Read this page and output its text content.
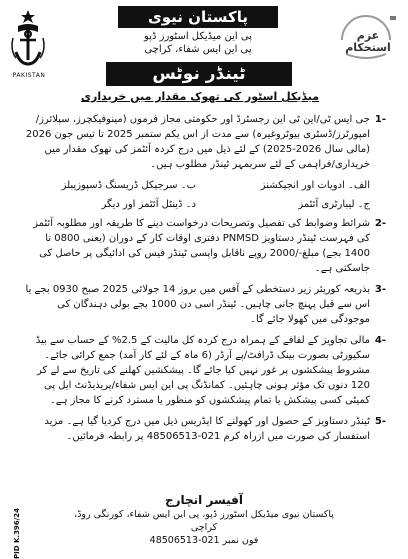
PAKISTAN
پاکستان نیوی
پی این میڈیکل اسٹورز ڈپو
پی این ایس شفاء، کراچی
عزم استحکام
ٹینڈر نوٹس
میڈیکل اسٹور کی تھوک مقدار میں خریداری
1-
جی ایس ٹی/این ٹی این رجسٹرڈ اور حکومتی مجاز فرموں (مینوفیکچرز، سپلائرز/امپورٹرز/ڈسٹری بیوٹروغیرہ) سے مدت از اس یکم ستمبر 2025 تا تیس جون 2026 (مالی سال 2026-2025) کے لئے ذیل میں درج کردہ آئٹمز کی تھوک مقدار میں خریداری/فراہمی کے لئے سربمہر ٹینڈر مطلوب ہیں۔
الف۔ ادویات اور انجیکشنز
ب۔ سرجیکل ڈریسنگ ڈسپوزیبلز
ج۔ لیبارٹری آئٹمز
د۔ ڈینٹل آئٹمز اور دیگر
2-
شرائط وضوابط کی تفصیل وتصریحات درخواست دینے کا طریقہ اور مطلوبہ آئٹمز کی فہرست ٹینڈر دستاویز PNMSD دفتری اوقات کار کے دوران (یعنی 0800 تا 1400 بجے) مبلغ-/2000 روپے ناقابل واپسی ٹینڈر فیس کی ادائیگی پر حاصل کی جاسکتی ہے۔
3-
بذریعہ کوریئر زیر دستخطی کے آفس میں بروز 14 جولائی 2025 صبح 0930 بجے یا اس سے قبل پہنچ جانی چاہیں۔ ٹینڈر اسی دن 1000 بجے بولی دہندگان کی موجودگی میں کھولا جائے گا۔
4-
مالی تجاویز کے لفافے کے ہمراہ درج کردہ کل مالیت کے 2.5% کے حساب سے بیڈ سکیورٹی بصورت بینک ڈرافٹ/پے آرڈر (6 ماہ کے لئے کار آمد) جمع کرائی جائے۔ مشروط پیشکشوں پر غور نہیں کیا جائے گا۔ پیشکشیں کھلنے کی تاریخ سے لے کر 120 دنوں تک مؤثر ہونی چاہئیں۔ کمانڈنگ پی این ایس شفاء/پریذیڈنٹ ایل پی کمیٹی کسی پیشکش یا تمام پیشکشوں کو منظور یا مسترد کرنے کا مجاز ہے۔
5-
ٹینڈر دستاویز کے حصول اور کھولنے کا ایڈریس ذیل میں درج کردیا گیا ہے۔ مزید استفسار کی صورت میں ازراہ کرم 021-48506513 پر رابطہ فرمائیں۔
آفیسر انچارج
پاکستان نیوی میڈیکل اسٹورز ڈپو، پی این ایس شفاء، کورنگی روڈ، کراچی
فون نمبر 021-48506513
PID K.396/24
